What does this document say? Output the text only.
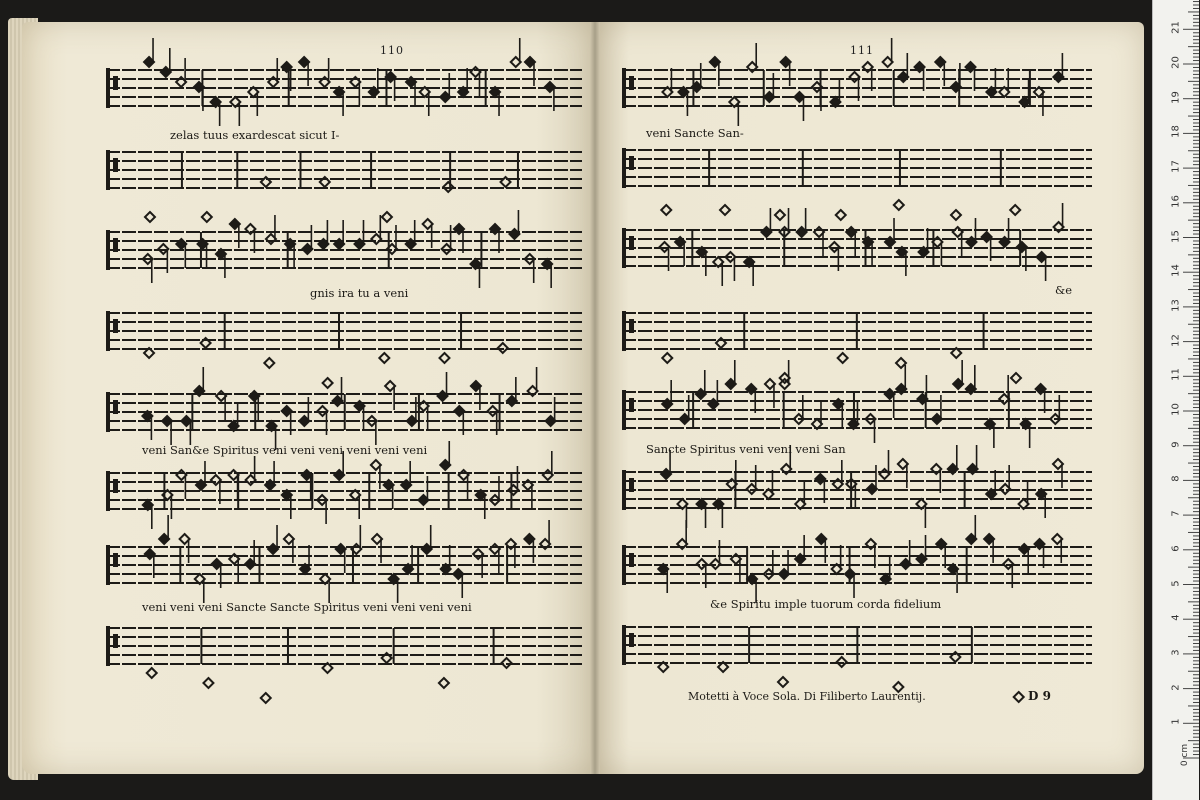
110	111
zelas tuus exardescat sicut I-
gnis ira tu a veni
veni San&e Spiritus veni veni veni veni veni veni
veni veni veni Sancte Sancte Spiritus veni veni veni veni
veni Sancte San-
&e
Sancte Spiritus veni veni veni San
&e Spiritu imple tuorum corda fidelium
Motetti à Voce Sola. Di Filiberto Laurentij.	D 9
0 cm
1
2
3
4
5
6
7
8
9
10
11
12
13
14
15
16
17
18
19
20
21
